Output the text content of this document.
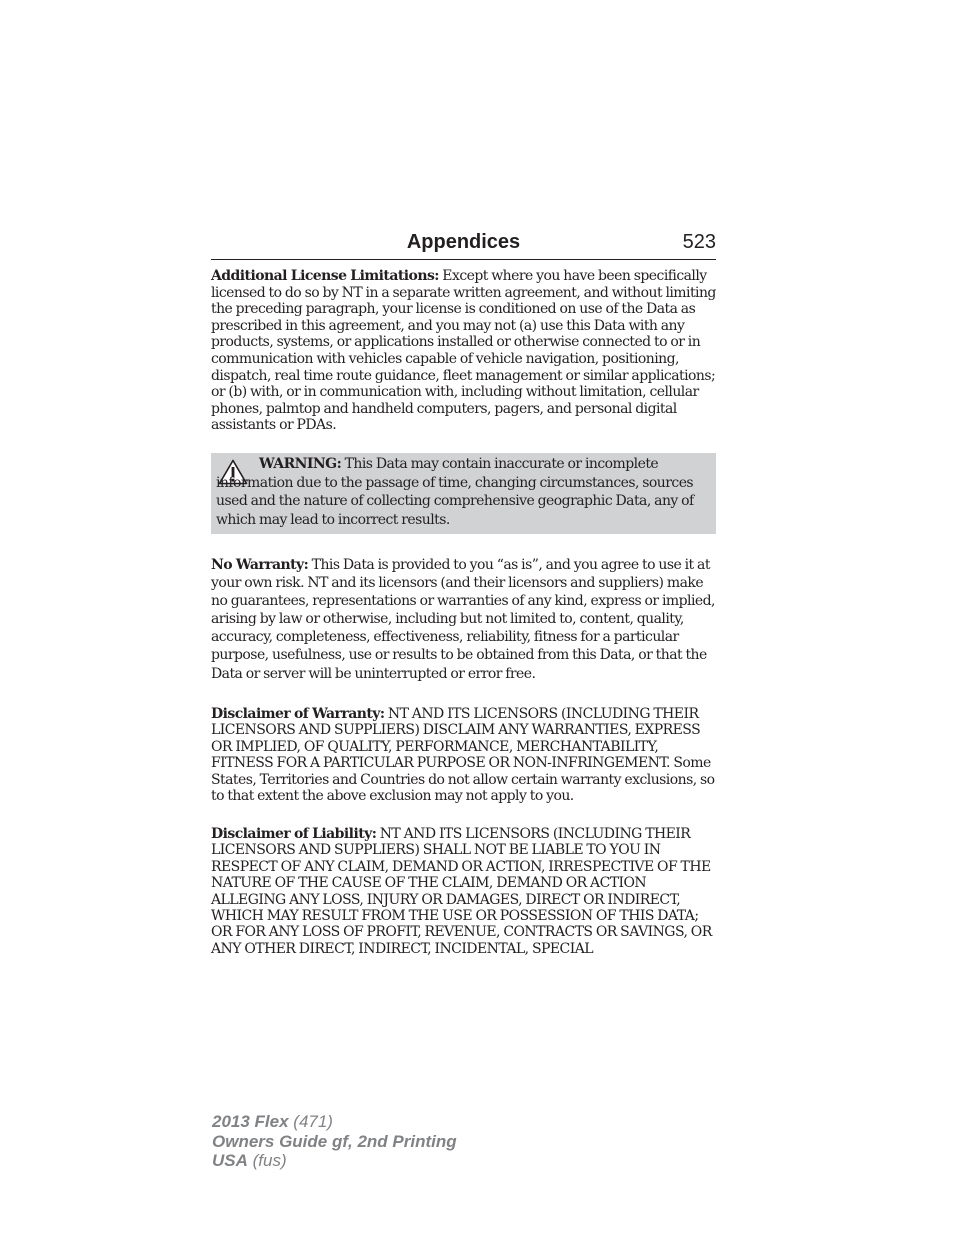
Appendices	523

Additional License Limitations: Except where you have been specifically licensed to do so by NT in a separate written agreement, and without limiting the preceding paragraph, your license is conditioned on use of the Data as prescribed in this agreement, and you may not (a) use this Data with any products, systems, or applications installed or otherwise connected to or in communication with vehicles capable of vehicle navigation, positioning, dispatch, real time route guidance, fleet management or similar applications; or (b) with, or in communication with, including without limitation, cellular phones, palmtop and handheld computers, pagers, and personal digital assistants or PDAs.

WARNING: This Data may contain inaccurate or incomplete information due to the passage of time, changing circumstances, sources used and the nature of collecting comprehensive geographic Data, any of which may lead to incorrect results.

No Warranty: This Data is provided to you “as is”, and you agree to use it at your own risk. NT and its licensors (and their licensors and suppliers) make no guarantees, representations or warranties of any kind, express or implied, arising by law or otherwise, including but not limited to, content, quality, accuracy, completeness, effectiveness, reliability, fitness for a particular purpose, usefulness, use or results to be obtained from this Data, or that the Data or server will be uninterrupted or error free.

Disclaimer of Warranty: NT AND ITS LICENSORS (INCLUDING THEIR LICENSORS AND SUPPLIERS) DISCLAIM ANY WARRANTIES, EXPRESS OR IMPLIED, OF QUALITY, PERFORMANCE, MERCHANTABILITY, FITNESS FOR A PARTICULAR PURPOSE OR NON-INFRINGEMENT. Some States, Territories and Countries do not allow certain warranty exclusions, so to that extent the above exclusion may not apply to you.

Disclaimer of Liability: NT AND ITS LICENSORS (INCLUDING THEIR LICENSORS AND SUPPLIERS) SHALL NOT BE LIABLE TO YOU IN RESPECT OF ANY CLAIM, DEMAND OR ACTION, IRRESPECTIVE OF THE NATURE OF THE CAUSE OF THE CLAIM, DEMAND OR ACTION ALLEGING ANY LOSS, INJURY OR DAMAGES, DIRECT OR INDIRECT, WHICH MAY RESULT FROM THE USE OR POSSESSION OF THIS DATA; OR FOR ANY LOSS OF PROFIT, REVENUE, CONTRACTS OR SAVINGS, OR ANY OTHER DIRECT, INDIRECT, INCIDENTAL, SPECIAL

2013 Flex (471)
Owners Guide gf, 2nd Printing
USA (fus)
